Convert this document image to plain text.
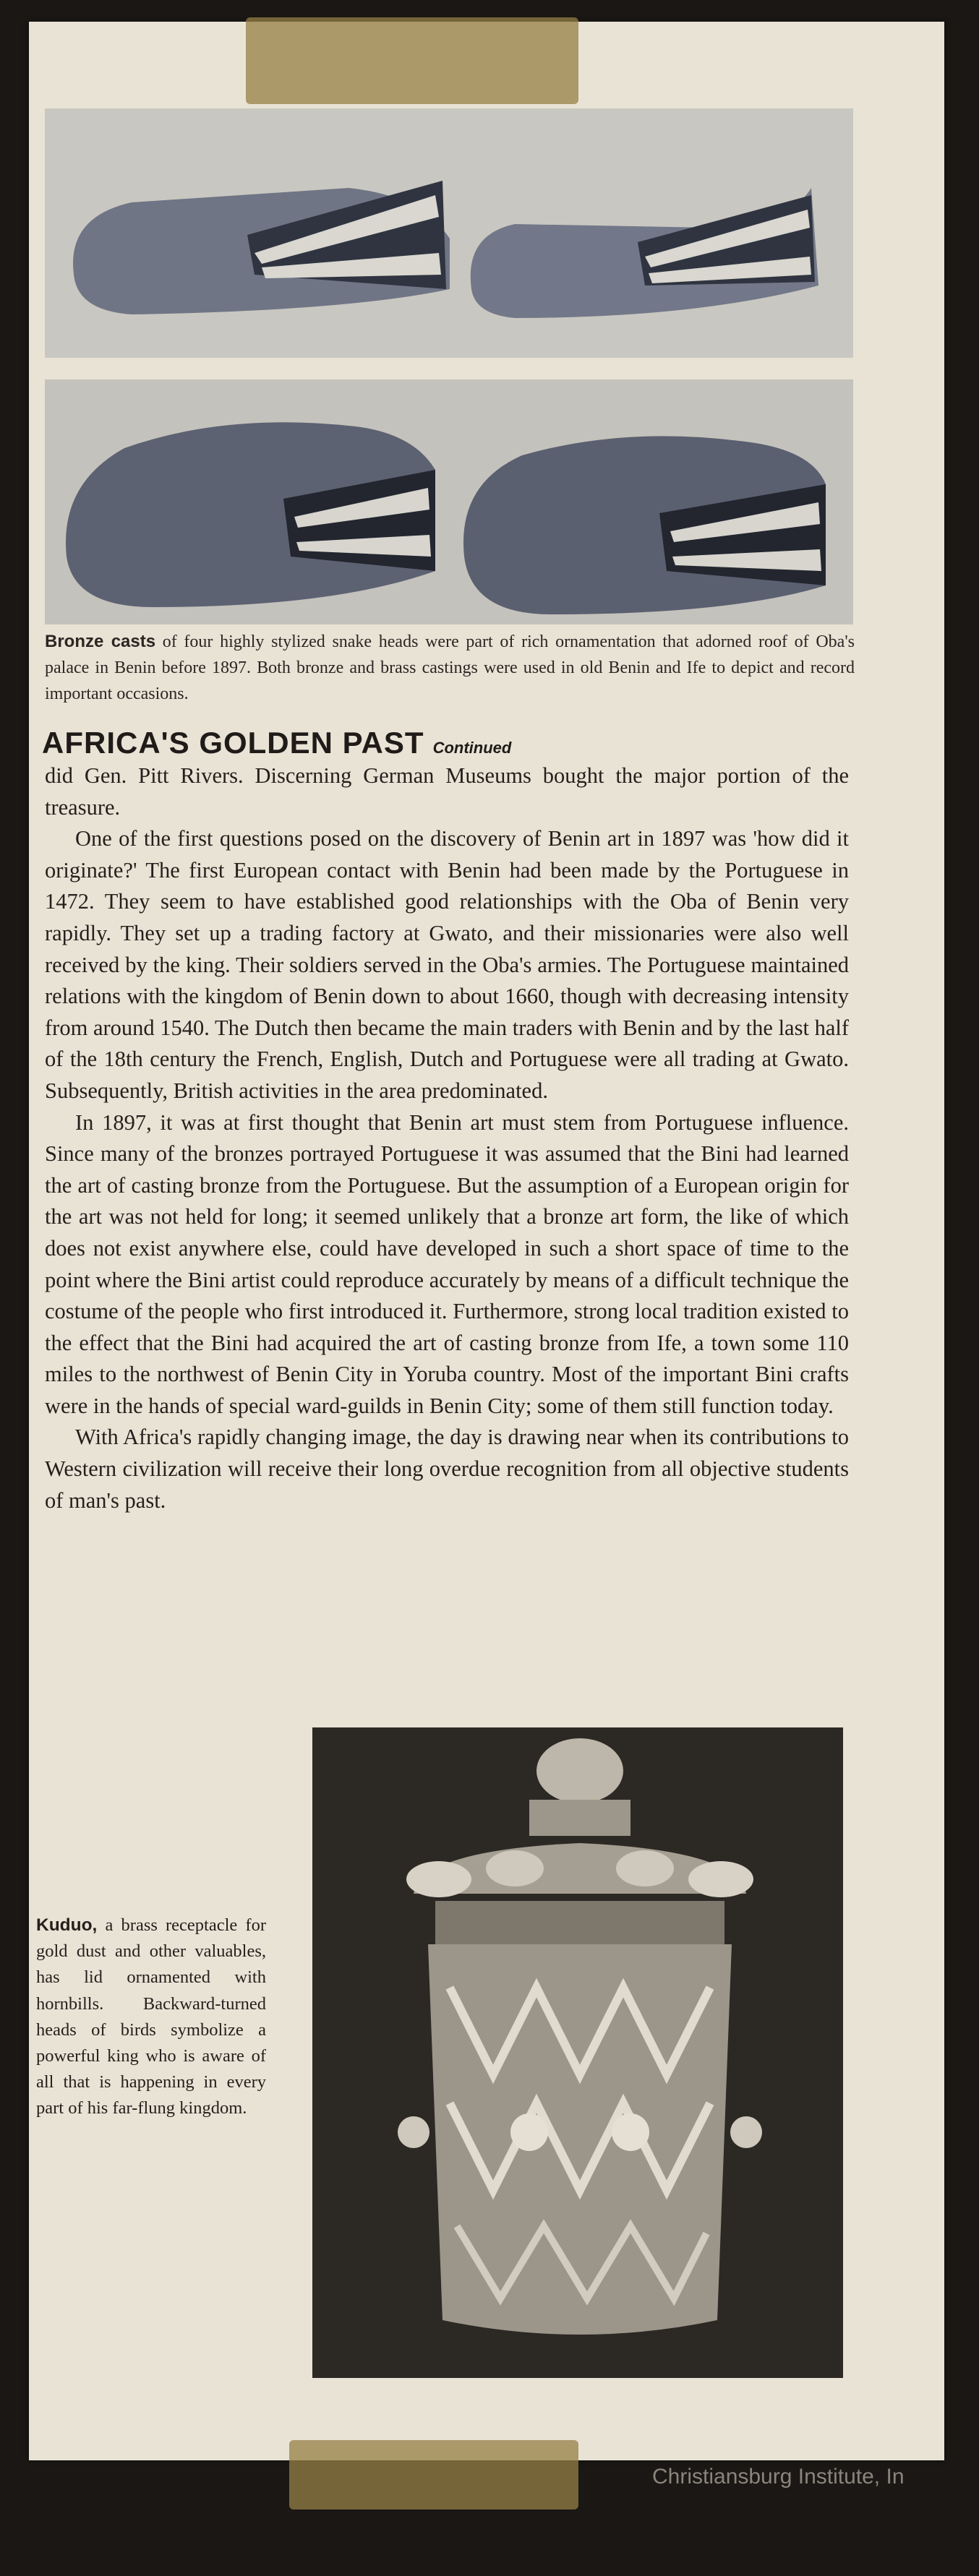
Bronze casts of four highly stylized snake heads were part of rich ornamentation that adorned roof of Oba's palace in Benin before 1897. Both bronze and brass castings were used in old Benin and Ife to depict and record important occasions.
AFRICA'S GOLDEN PAST Continued

did Gen. Pitt Rivers. Discerning German Museums bought the major portion of the treasure.

One of the first questions posed on the discovery of Benin art in 1897 was 'how did it originate?' The first European contact with Benin had been made by the Portuguese in 1472. They seem to have established good relationships with the Oba of Benin very rapidly. They set up a trading factory at Gwato, and their missionaries were also well received by the king. Their soldiers served in the Oba's armies. The Portuguese maintained relations with the kingdom of Benin down to about 1660, though with decreasing intensity from around 1540. The Dutch then became the main traders with Benin and by the last half of the 18th century the French, English, Dutch and Portuguese were all trading at Gwato. Subsequently, British activities in the area predominated.

In 1897, it was at first thought that Benin art must stem from Portuguese influence. Since many of the bronzes portrayed Portuguese it was assumed that the Bini had learned the art of casting bronze from the Portuguese. But the assumption of a European origin for the art was not held for long; it seemed unlikely that a bronze art form, the like of which does not exist anywhere else, could have developed in such a short space of time to the point where the Bini artist could reproduce accurately by means of a difficult technique the costume of the people who first introduced it. Furthermore, strong local tradition existed to the effect that the Bini had acquired the art of casting bronze from Ife, a town some 110 miles to the northwest of Benin City in Yoruba country. Most of the important Bini crafts were in the hands of special ward-guilds in Benin City; some of them still function today.

With Africa's rapidly changing image, the day is drawing near when its contributions to Western civilization will receive their long overdue recognition from all objective students of man's past.

Kuduo, a brass receptacle for gold dust and other valuables, has lid ornamented with hornbills. Backward-turned heads of birds symbolize a powerful king who is aware of all that is happening in every part of his far-flung kingdom.
Christiansburg Institute, In
